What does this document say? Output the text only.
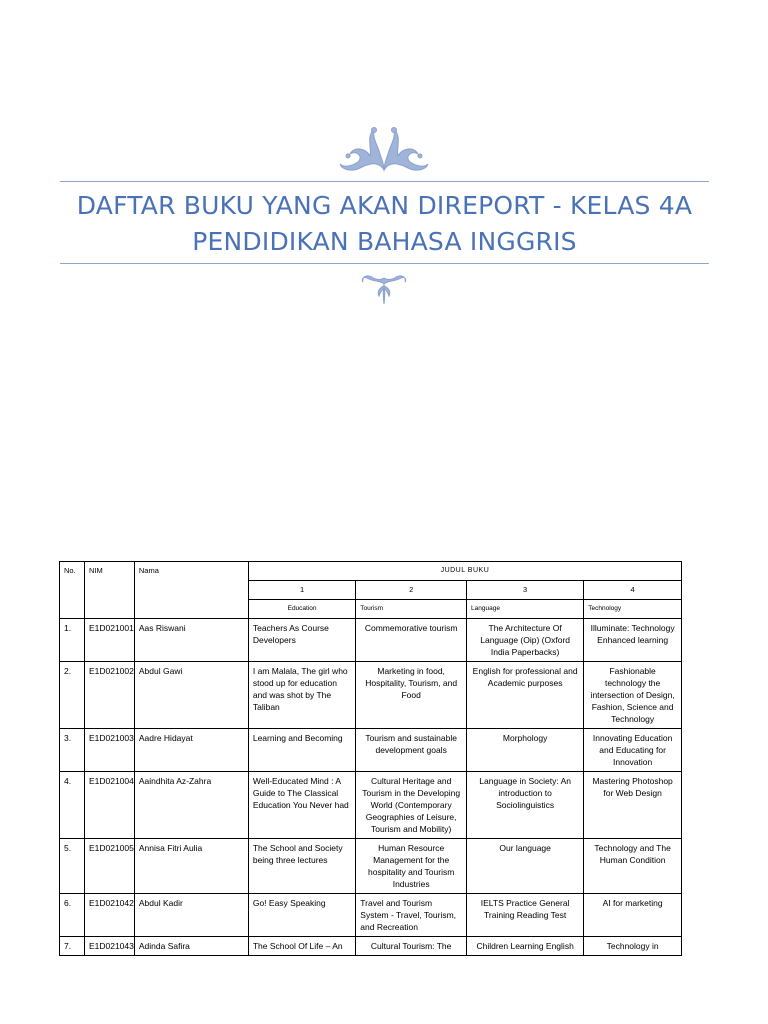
DAFTAR BUKU YANG AKAN DIREPORT - KELAS 4A
PENDIDIKAN BAHASA INGGRIS
No.	NIM	Nama	JUDUL BUKU			
			1	2	3	4
			Education	Tourism	Language	Technology
1.	E1D021001	Aas Riswani	Teachers As Course Developers	Commemorative tourism	The Architecture Of Language (Oip) (Oxford India Paperbacks)	Illuminate: Technology Enhanced learning
2.	E1D021002	Abdul Gawi	I am Malala, The girl who stood up for education and was shot by The Taliban	Marketing in food, Hospitality, Tourism, and Food	English for professional and Academic purposes	Fashionable technology the intersection of Design, Fashion, Science and Technology
3.	E1D021003	Aadre Hidayat	Learning and Becoming	Tourism and sustainable development goals	Morphology	Innovating Education and Educating for Innovation
4.	E1D021004	Aaindhita Az-Zahra	Well-Educated Mind : A Guide to The Classical Education You Never had	Cultural Heritage and Tourism in the Developing World (Contemporary Geographies of Leisure, Tourism and Mobility)	Language in Society: An introduction to Sociolinguistics	Mastering Photoshop for Web Design
5.	E1D021005	Annisa Fitri Aulia	The School and Society being three lectures	Human Resource Management for the hospitality and Tourism Industries	Our language	Technology and The Human Condition
6.	E1D021042	Abdul Kadir	Go! Easy Speaking	Travel and Tourism System - Travel, Tourism, and Recreation	IELTS Practice General Training Reading Test	AI for marketing
7.	E1D021043	Adinda Safira	The School Of Life – An	Cultural Tourism: The	Children Learning English	Technology in
